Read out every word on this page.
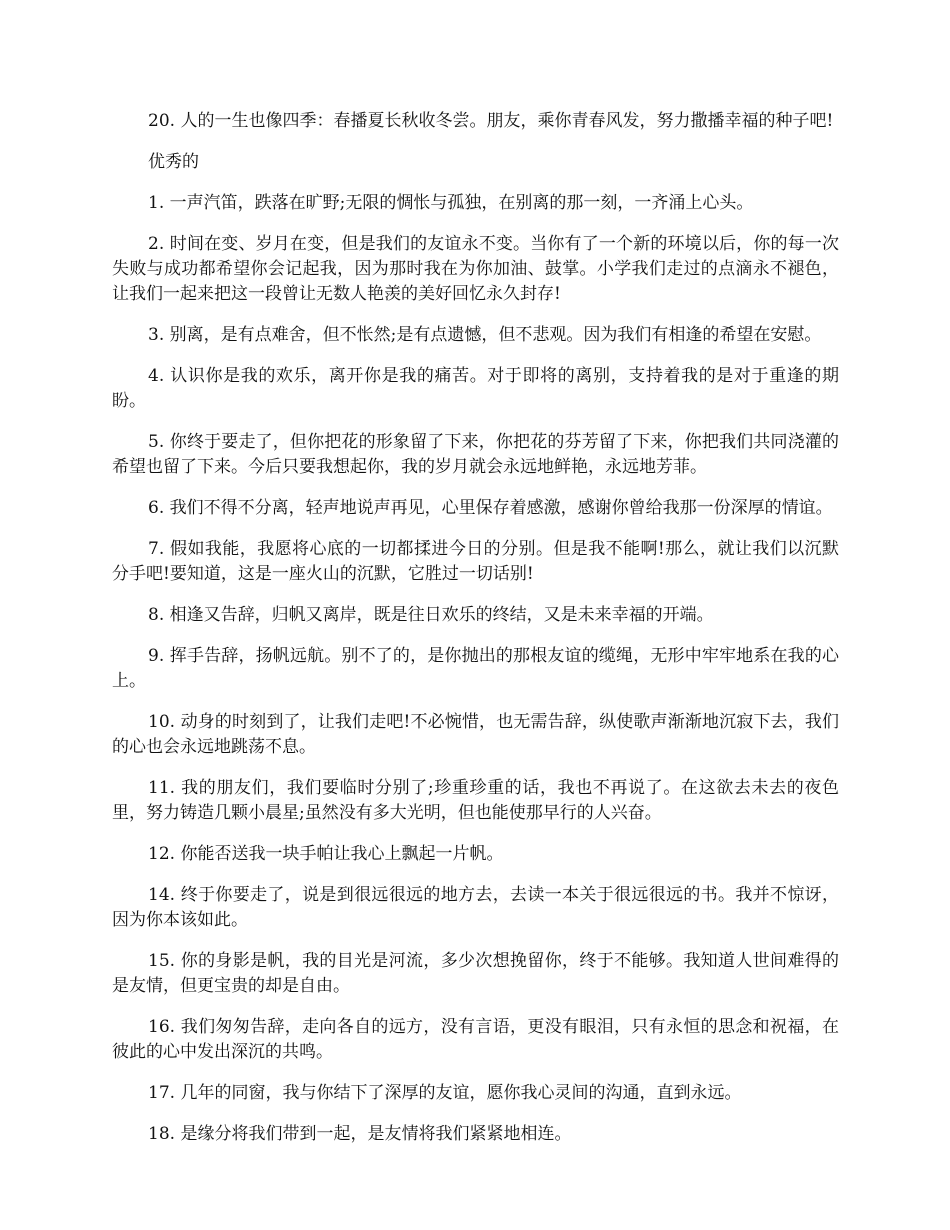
20. 人的一生也像四季：春播夏长秋收冬尝。朋友，乘你青春风发，努力撒播幸福的种子吧!

优秀的

1. 一声汽笛，跌落在旷野;无限的惆怅与孤独，在别离的那一刻，一齐涌上心头。

2. 时间在变、岁月在变，但是我们的友谊永不变。当你有了一个新的环境以后，你的每一次失败与成功都希望你会记起我，因为那时我在为你加油、鼓掌。小学我们走过的点滴永不褪色，让我们一起来把这一段曾让无数人艳羡的美好回忆永久封存!

3. 别离，是有点难舍，但不怅然;是有点遗憾，但不悲观。因为我们有相逢的希望在安慰。

4. 认识你是我的欢乐，离开你是我的痛苦。对于即将的离别，支持着我的是对于重逢的期盼。

5. 你终于要走了，但你把花的形象留了下来，你把花的芬芳留了下来，你把我们共同浇灌的希望也留了下来。今后只要我想起你，我的岁月就会永远地鲜艳，永远地芳菲。

6. 我们不得不分离，轻声地说声再见，心里保存着感激，感谢你曾给我那一份深厚的情谊。

7. 假如我能，我愿将心底的一切都揉进今日的分别。但是我不能啊!那么，就让我们以沉默分手吧!要知道，这是一座火山的沉默，它胜过一切话别!

8. 相逢又告辞，归帆又离岸，既是往日欢乐的终结，又是未来幸福的开端。

9. 挥手告辞，扬帆远航。别不了的，是你抛出的那根友谊的缆绳，无形中牢牢地系在我的心上。

10. 动身的时刻到了，让我们走吧!不必惋惜，也无需告辞，纵使歌声渐渐地沉寂下去，我们的心也会永远地跳荡不息。

11. 我的朋友们，我们要临时分别了;珍重珍重的话，我也不再说了。在这欲去未去的夜色里，努力铸造几颗小晨星;虽然没有多大光明，但也能使那早行的人兴奋。

12. 你能否送我一块手帕让我心上飘起一片帆。

14. 终于你要走了，说是到很远很远的地方去，去读一本关于很远很远的书。我并不惊讶，因为你本该如此。

15. 你的身影是帆，我的目光是河流，多少次想挽留你，终于不能够。我知道人世间难得的是友情，但更宝贵的却是自由。

16. 我们匆匆告辞，走向各自的远方，没有言语，更没有眼泪，只有永恒的思念和祝福，在彼此的心中发出深沉的共鸣。

17. 几年的同窗，我与你结下了深厚的友谊，愿你我心灵间的沟通，直到永远。

18. 是缘分将我们带到一起，是友情将我们紧紧地相连。
